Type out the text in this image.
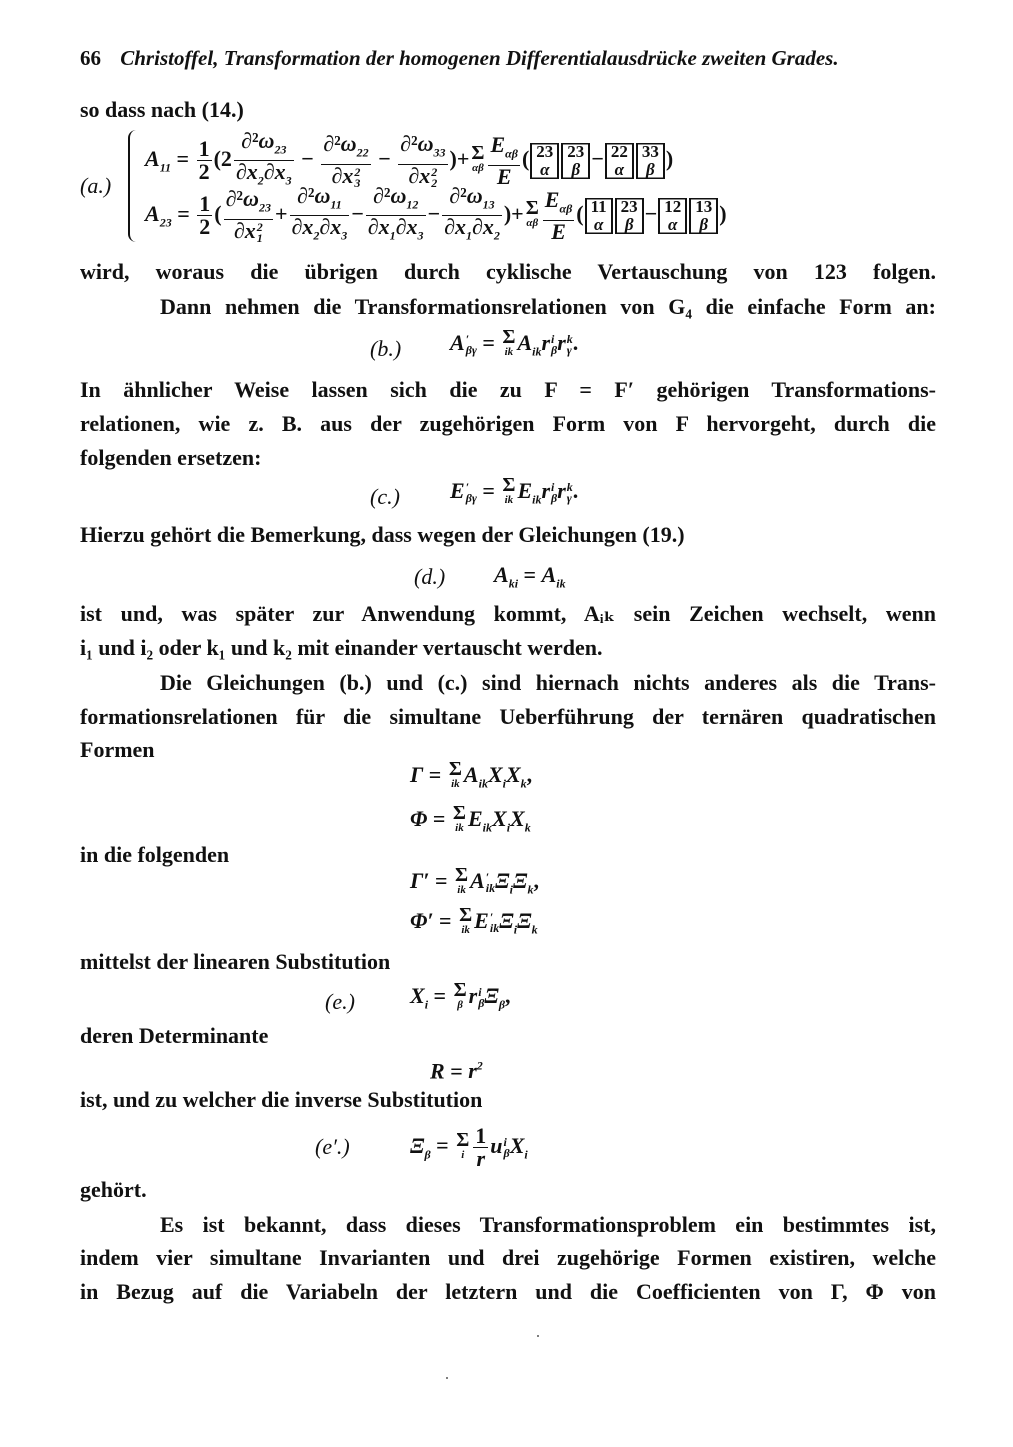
66 Christoffel, Transformation der homogenen Differentialausdrücke zweiten Grades.
so dass nach (14.)
(a.)
$A_{11} = \frac{1}{2} (2 \frac{\partial^2\omega_{23}}{\partial x_2\partial x_3} - \partial^2\omega_{22}$
∂x 2
$3 - \partial^2\omega_{33}$
∂x 2
2 )+ Σ
αβ $\frac{E_{\alpha\beta}}{E}$ ( 23
α
23
β − 22
α
33
β )
$A_{23} = \frac{1}{2}$ ( $\partial^2\omega_{23}$
∂x 2
$1 + \frac{\partial^2\omega_{11}}{\partial x_2\partial x_3} - \frac{\partial^2\omega_{12}}{\partial x_1\partial x_3} - \frac{\partial^2\omega_{13}}{\partial x_1\partial x_2}$ )+ Σ
αβ $\frac{E_{\alpha\beta}}{E}$ ( 11
α
23
β − 12
α
13
β )
wird, woraus die übrigen durch cyklische Vertauschung von 123 folgen.
Dann nehmen die Transformationsrelationen von G₄ die einfache Form an:
(b.) A ′
βγ = Σ
ik $A_{ik}r$ i
β r k
γ .
In ähnlicher Weise lassen sich die zu F = F′ gehörigen Transformations-
relationen, wie z. B. aus der zugehörigen Form von F hervorgeht, durch die
folgenden ersetzen:
(c.) E ′
βγ = Σ
ik $E_{ik}r$ i
β r k
γ .
Hierzu gehört die Bemerkung, dass wegen der Gleichungen (19.)
(d.) $A_{ki} = A_{ik}$
ist und, was später zur Anwendung kommt, Aᵢₖ sein Zeichen wechselt, wenn
i₁ und i₂ oder k₁ und k₂ mit einander vertauscht werden.
Die Gleichungen (b.) und (c.) sind hiernach nichts anderes als die Trans-
formationsrelationen für die simultane Ueberführung der ternären quadratischen
Formen
Γ = Σ
ik $A_{ik}X_iX_k$,
Φ = Σ
ik $E_{ik}X_iX_k$
in die folgenden
Γ′ = Σ
ik A ′
ik $\Xi_i\Xi_k$,
Φ′ = Σ
ik E ′
ik $\Xi_i\Xi_k$
mittelst der linearen Substitution
(e.)	$X_i = \Sigma$
β r i
β $\Xi_\beta$,
deren Determinante
$R = r^2$
ist, und zu welcher die inverse Substitution
(e′.)	$\Xi_\beta = \Sigma$
i $\frac{1}{r}$ u i
β $X_i$
gehört.
Es ist bekannt, dass dieses Transformationsproblem ein bestimmtes ist,
indem vier simultane Invarianten und drei zugehörige Formen existiren, welche
in Bezug auf die Variabeln der letztern und die Coefficienten von Γ, Φ von
